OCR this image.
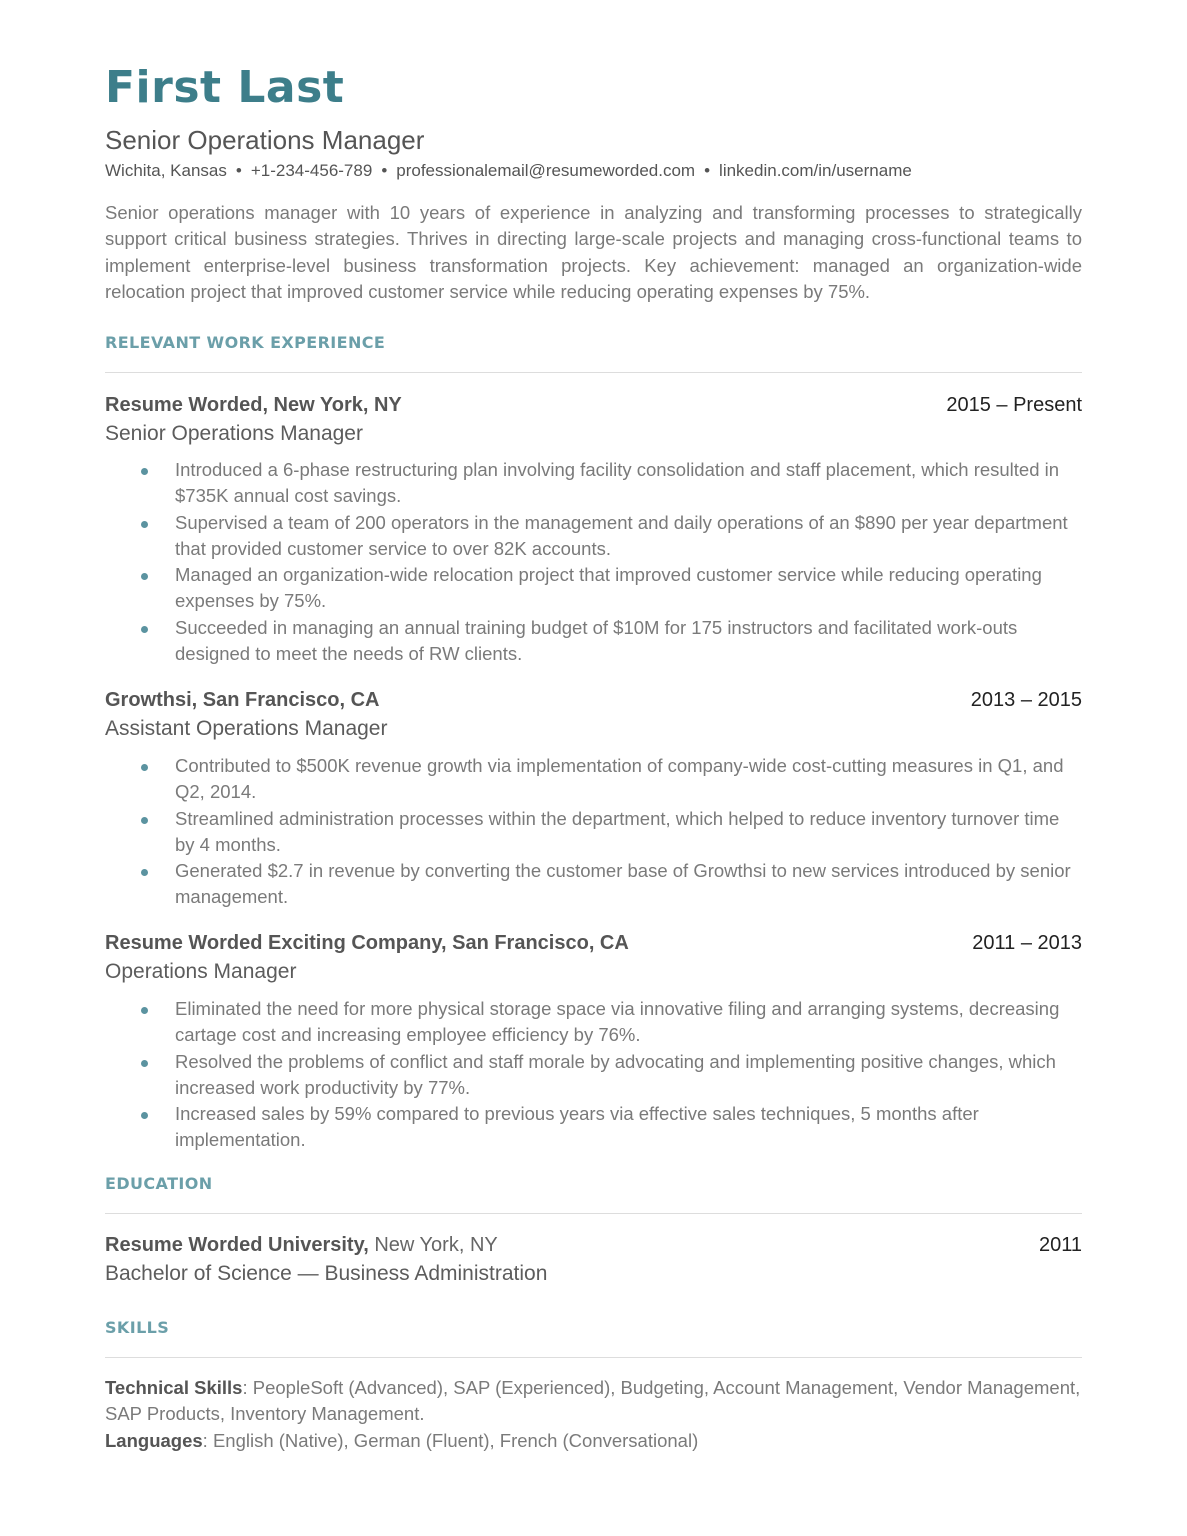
First Last
Senior Operations Manager
Wichita, Kansas • +1-234-456-789 • professionalemail@resumeworded.com • linkedin.com/in/username

Senior operations manager with 10 years of experience in analyzing and transforming processes to strategically support critical business strategies. Thrives in directing large-scale projects and managing cross-functional teams to implement enterprise-level business transformation projects. Key achievement: managed an organization-wide relocation project that improved customer service while reducing operating expenses by 75%.

RELEVANT WORK EXPERIENCE
Resume Worded, New York, NY	2015 – Present
Senior Operations Manager
Introduced a 6-phase restructuring plan involving facility consolidation and staff placement, which resulted in $735K annual cost savings.
Supervised a team of 200 operators in the management and daily operations of an $890 per year department that provided customer service to over 82K accounts.
Managed an organization-wide relocation project that improved customer service while reducing operating expenses by 75%.
Succeeded in managing an annual training budget of $10M for 175 instructors and facilitated work-outs designed to meet the needs of RW clients.
Growthsi, San Francisco, CA	2013 – 2015
Assistant Operations Manager
Contributed to $500K revenue growth via implementation of company-wide cost-cutting measures in Q1, and Q2, 2014.
Streamlined administration processes within the department, which helped to reduce inventory turnover time by 4 months.
Generated $2.7 in revenue by converting the customer base of Growthsi to new services introduced by senior management.
Resume Worded Exciting Company, San Francisco, CA	2011 – 2013
Operations Manager
Eliminated the need for more physical storage space via innovative filing and arranging systems, decreasing cartage cost and increasing employee efficiency by 76%.
Resolved the problems of conflict and staff morale by advocating and implementing positive changes, which increased work productivity by 77%.
Increased sales by 59% compared to previous years via effective sales techniques, 5 months after implementation.
EDUCATION
Resume Worded University, New York, NY	2011
Bachelor of Science — Business Administration
SKILLS

Technical Skills: PeopleSoft (Advanced), SAP (Experienced), Budgeting, Account Management, Vendor Management, SAP Products, Inventory Management.

Languages: English (Native), German (Fluent), French (Conversational)
